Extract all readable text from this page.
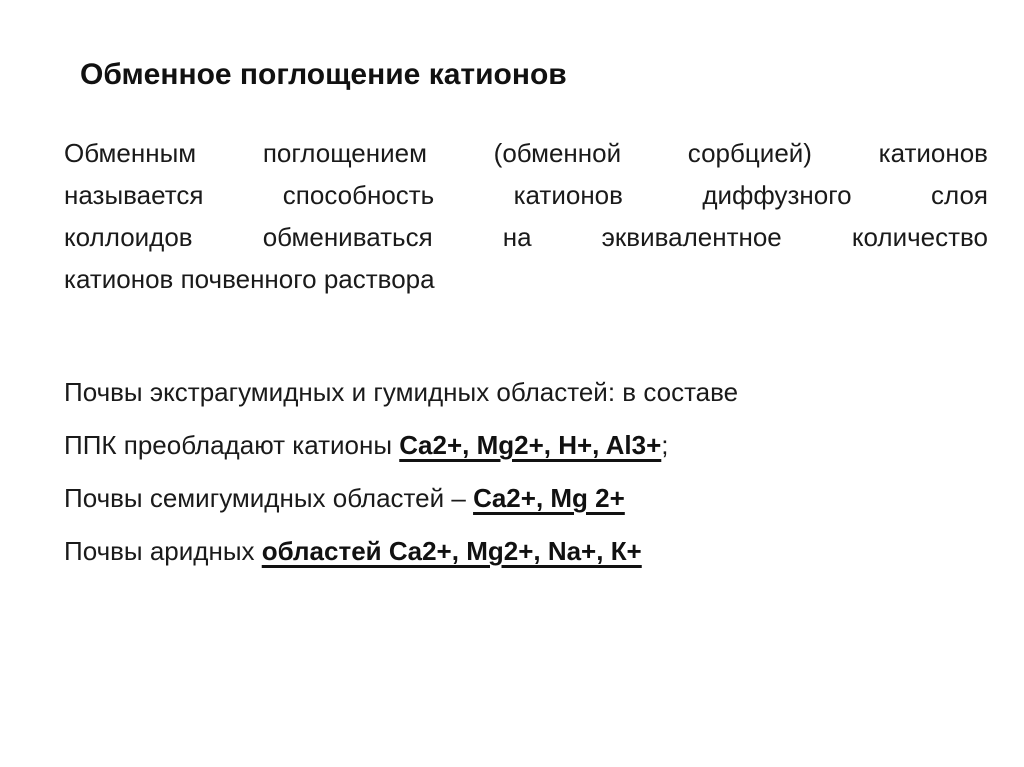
Обменное поглощение катионов
Обменным поглощением (обменной сорбцией) катионов
называется способность катионов диффузного слоя
коллоидов обмениваться на эквивалентное количество
катионов почвенного раствора
Почвы экстрагумидных и гумидных областей: в составе
ППК преобладают катионы Ca2+, Mg2+, H+, Al3+;
Почвы семигумидных областей – Ca2+, Mg 2+
Почвы аридных областей Ca2+, Mg2+, Na+, К+
